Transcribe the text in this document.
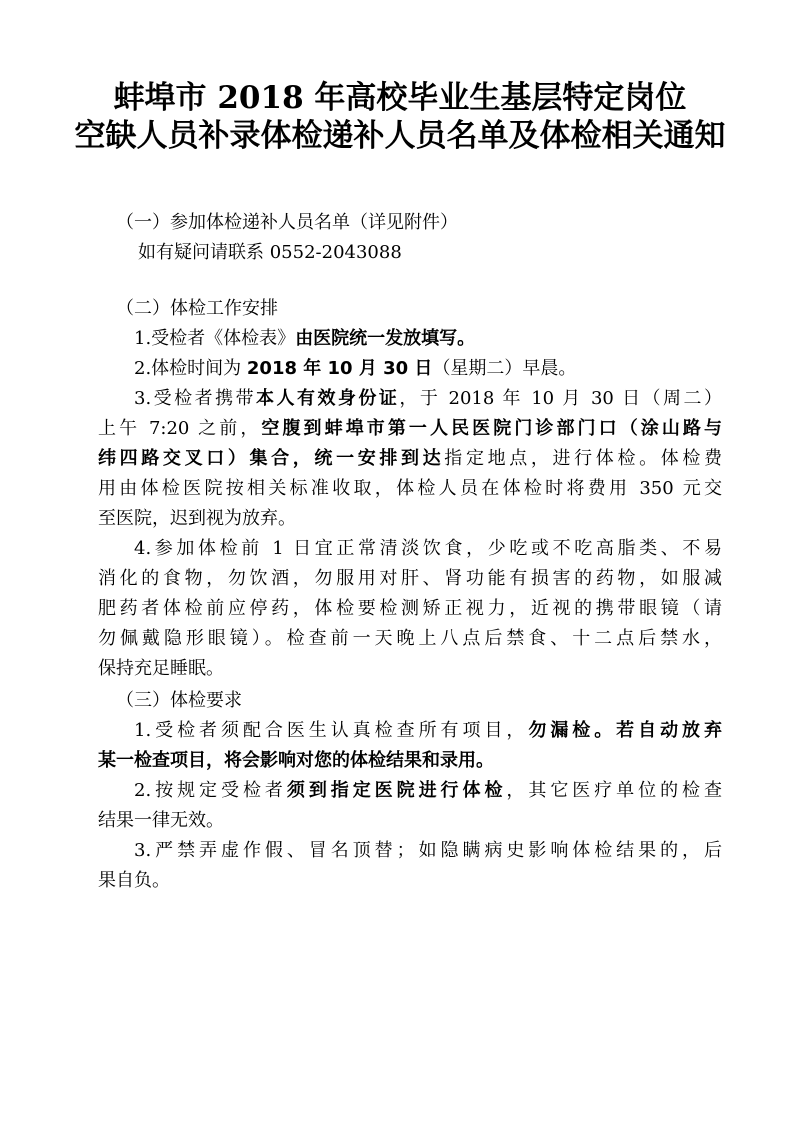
蚌埠市 2018 年高校毕业生基层特定岗位
空缺人员补录体检递补人员名单及体检相关通知
（一）参加体检递补人员名单（详见附件）
如有疑问请联系 0552-2043088
（二）体检工作安排
1.受检者《体检表》由医院统一发放填写。
2.体检时间为 2018 年 10 月 30 日（星期二）早晨。
3.受检者携带本人有效身份证，于 2018 年 10 月 30 日（周二）
上午 7:20 之前，空腹到蚌埠市第一人民医院门诊部门口（涂山路与
纬四路交叉口）集合，统一安排到达指定地点，进行体检。体检费
用由体检医院按相关标准收取，体检人员在体检时将费用 350 元交
至医院，迟到视为放弃。
4.参加体检前 1 日宜正常清淡饮食，少吃或不吃高脂类、不易
消化的食物，勿饮酒，勿服用对肝、肾功能有损害的药物，如服减
肥药者体检前应停药，体检要检测矫正视力，近视的携带眼镜（请
勿佩戴隐形眼镜）。检查前一天晚上八点后禁食、十二点后禁水，
保持充足睡眠。
（三）体检要求
1.受检者须配合医生认真检查所有项目，勿漏检。若自动放弃
某一检查项目，将会影响对您的体检结果和录用。
2.按规定受检者须到指定医院进行体检，其它医疗单位的检查
结果一律无效。
3.严禁弄虚作假、冒名顶替；如隐瞒病史影响体检结果的，后
果自负。
